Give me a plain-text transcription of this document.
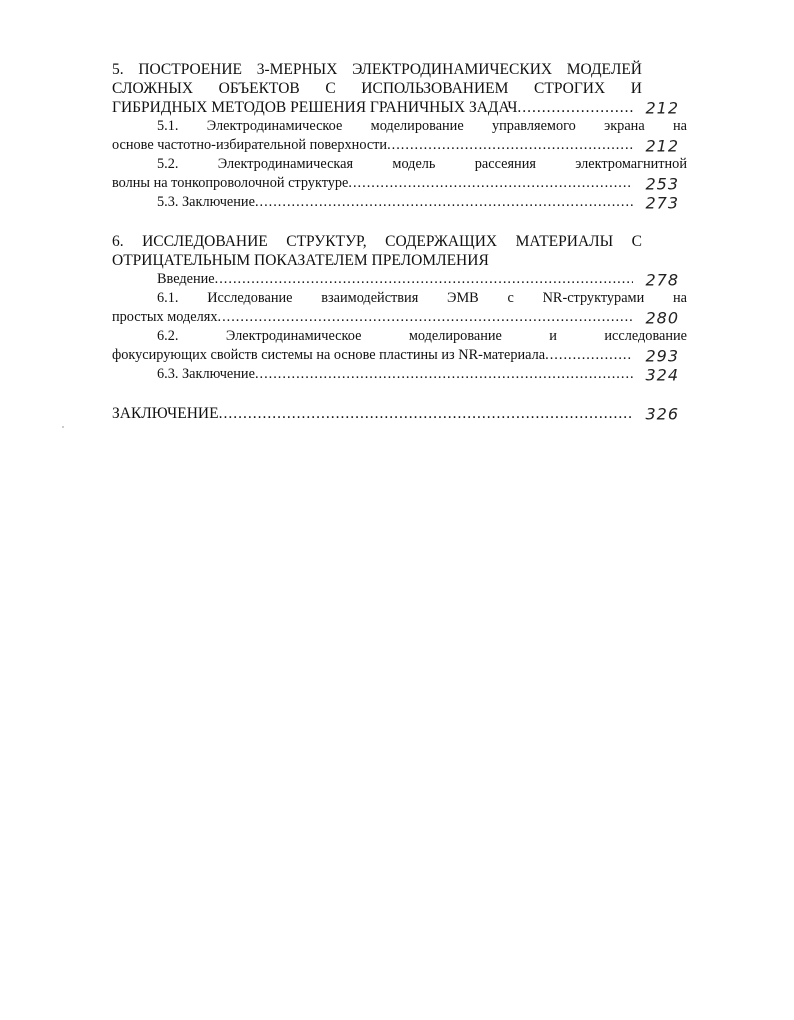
5. ПОСТРОЕНИЕ 3-МЕРНЫХ ЭЛЕКТРОДИНАМИЧЕСКИХ МОДЕЛЕЙ
СЛОЖНЫХ ОБЪЕКТОВ С ИСПОЛЬЗОВАНИЕМ СТРОГИХ И
ГИБРИДНЫХ МЕТОДОВ РЕШЕНИЯ ГРАНИЧНЫХ ЗАДАЧ .....	212
5.1. Электродинамическое моделирование управляемого экрана на
основе частотно-избирательной поверхности .....	212
5.2. Электродинамическая модель рассеяния электромагнитной
волны на тонкопроволочной структуре .....	253
5.3. Заключение .....	273
6. ИССЛЕДОВАНИЕ СТРУКТУР, СОДЕРЖАЩИХ МАТЕРИАЛЫ С
ОТРИЦАТЕЛЬНЫМ ПОКАЗАТЕЛЕМ ПРЕЛОМЛЕНИЯ
Введение .....	278
6.1. Исследование взаимодействия ЭМВ с NR-структурами на
простых моделях .....	280
6.2. Электродинамическое моделирование и исследование
фокусирующих свойств системы на основе пластины из NR-материала .....	293
6.3. Заключение .....	324
ЗАКЛЮЧЕНИЕ .....	326
